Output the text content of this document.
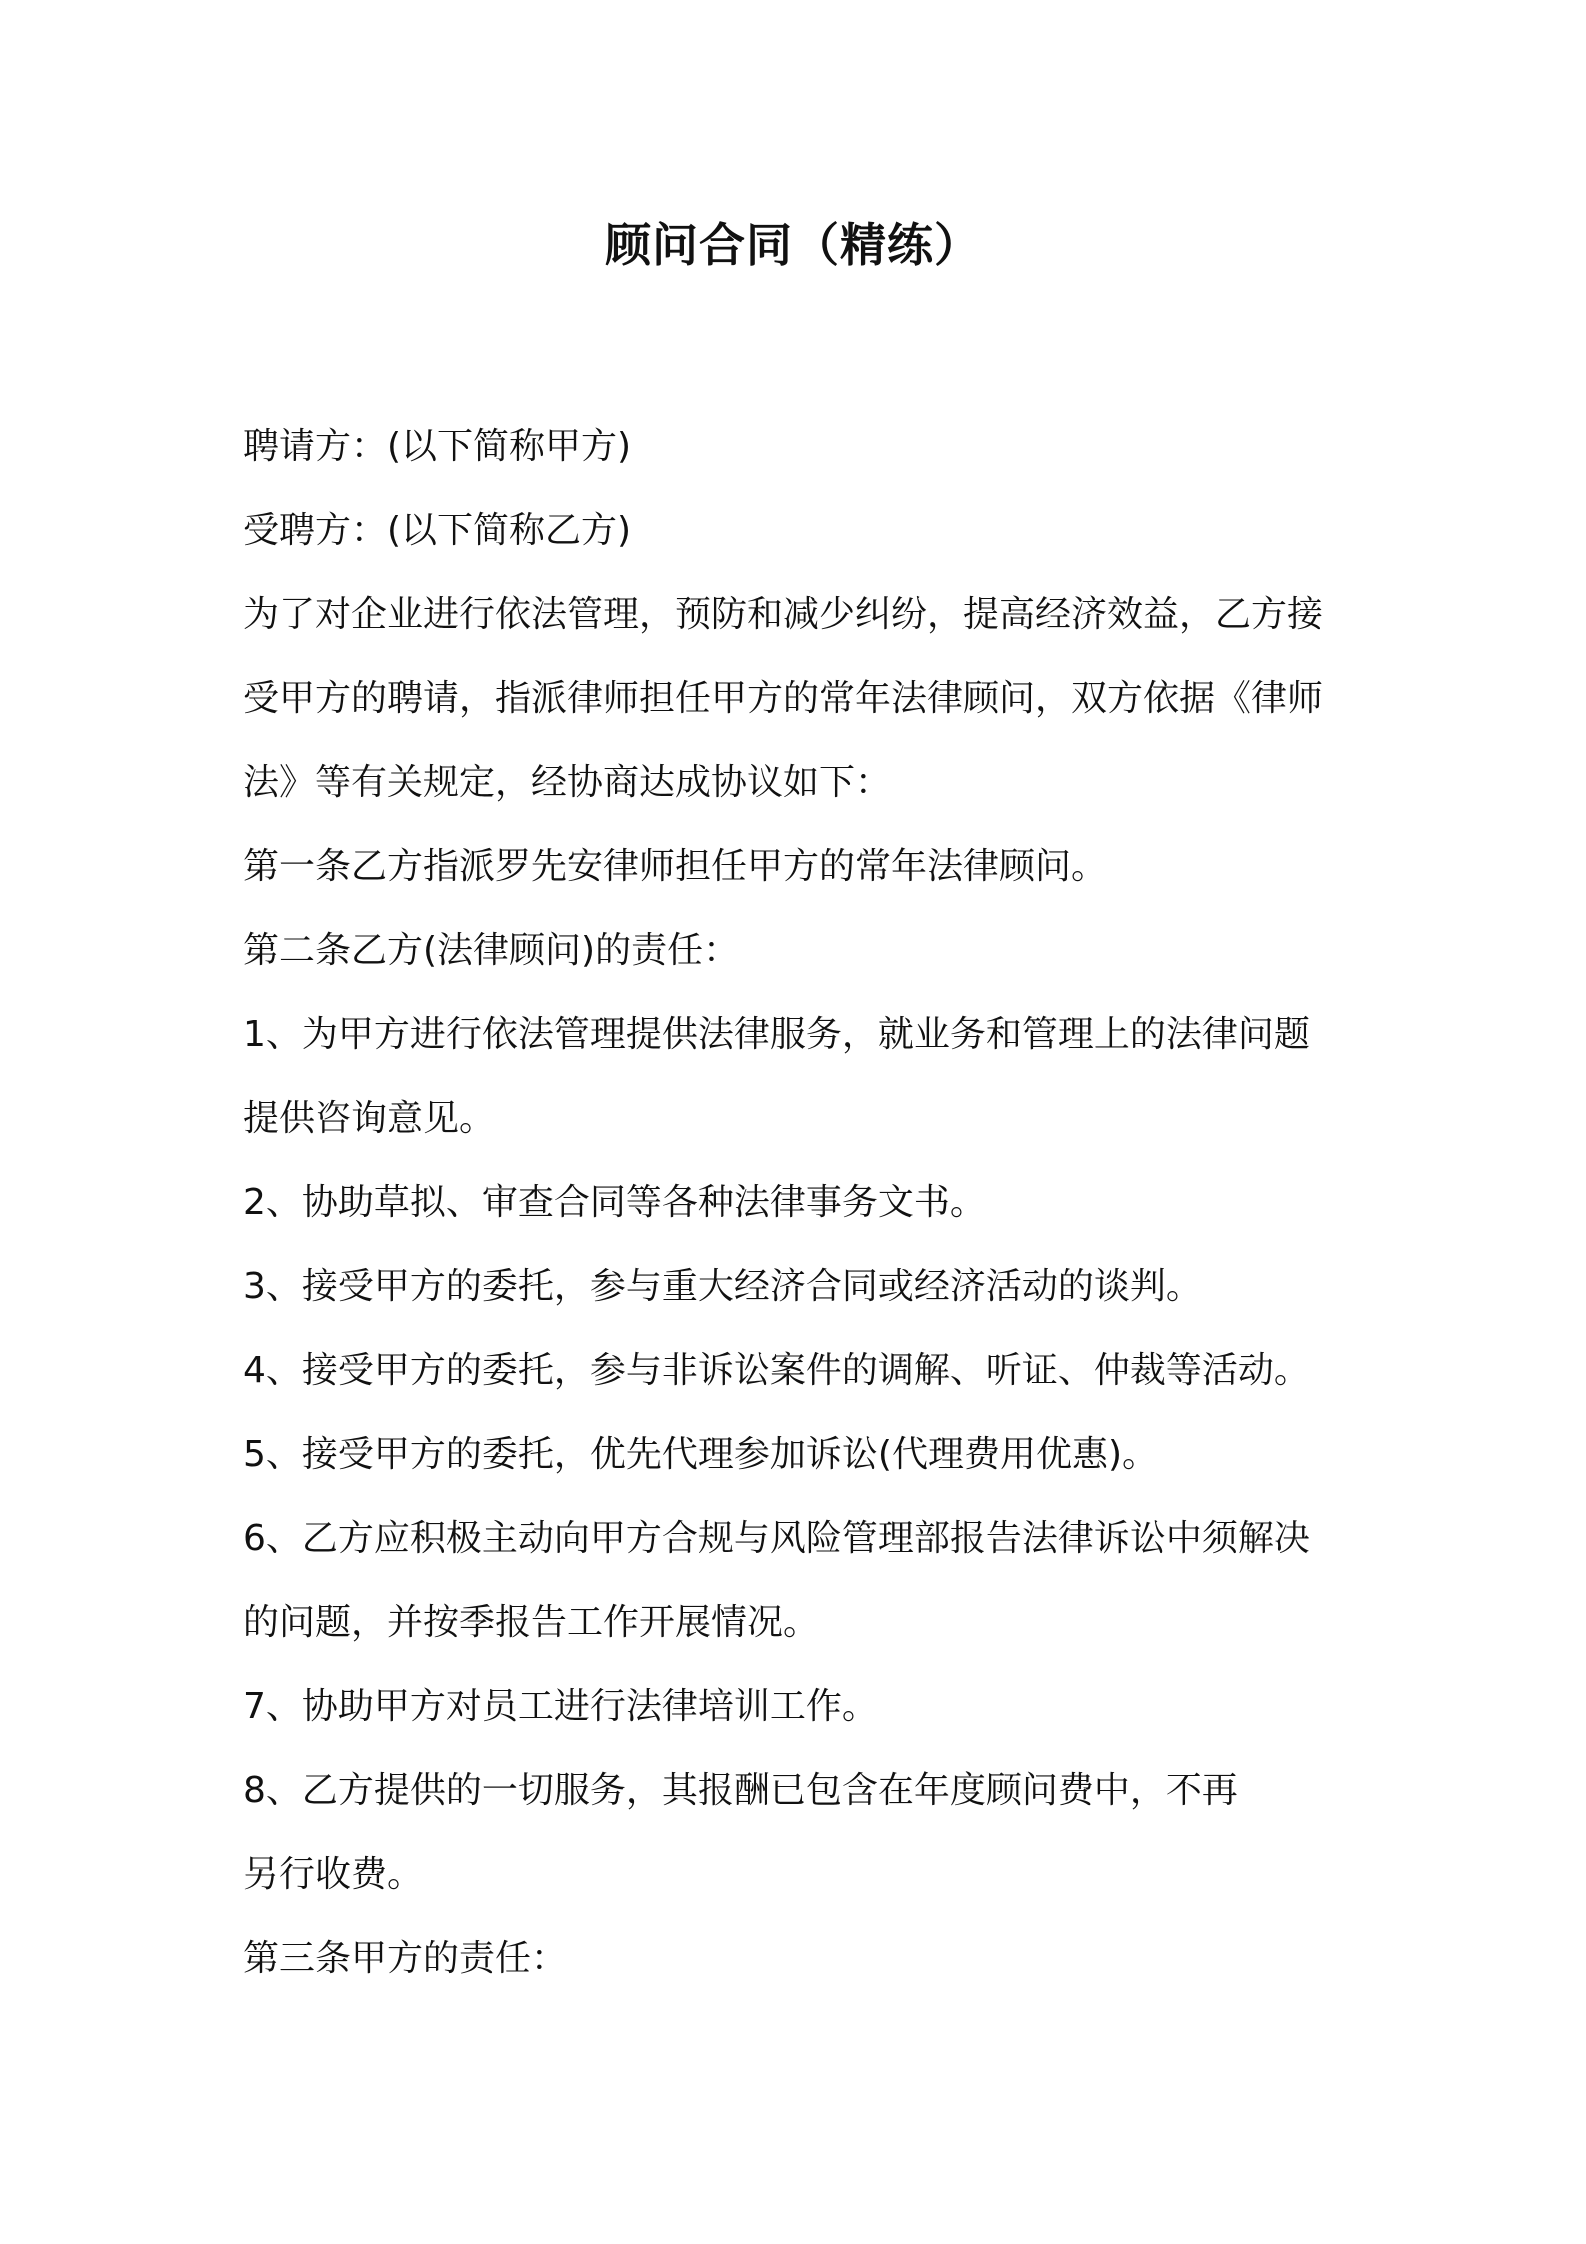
顾问合同（精练）

聘请方：(以下简称甲方)

受聘方：(以下简称乙方)

为了对企业进行依法管理，预防和减少纠纷，提高经济效益，乙方接

受甲方的聘请，指派律师担任甲方的常年法律顾问，双方依据《律师

法》等有关规定，经协商达成协议如下：

第一条乙方指派罗先安律师担任甲方的常年法律顾问。

第二条乙方(法律顾问)的责任：

1、为甲方进行依法管理提供法律服务，就业务和管理上的法律问题

提供咨询意见。

2、协助草拟、审查合同等各种法律事务文书。

3、接受甲方的委托，参与重大经济合同或经济活动的谈判。

4、接受甲方的委托，参与非诉讼案件的调解、听证、仲裁等活动。

5、接受甲方的委托，优先代理参加诉讼(代理费用优惠)。

6、乙方应积极主动向甲方合规与风险管理部报告法律诉讼中须解决

的问题，并按季报告工作开展情况。

7、协助甲方对员工进行法律培训工作。

8、乙方提供的一切服务，其报酬已包含在年度顾问费中，不再

另行收费。

第三条甲方的责任：
